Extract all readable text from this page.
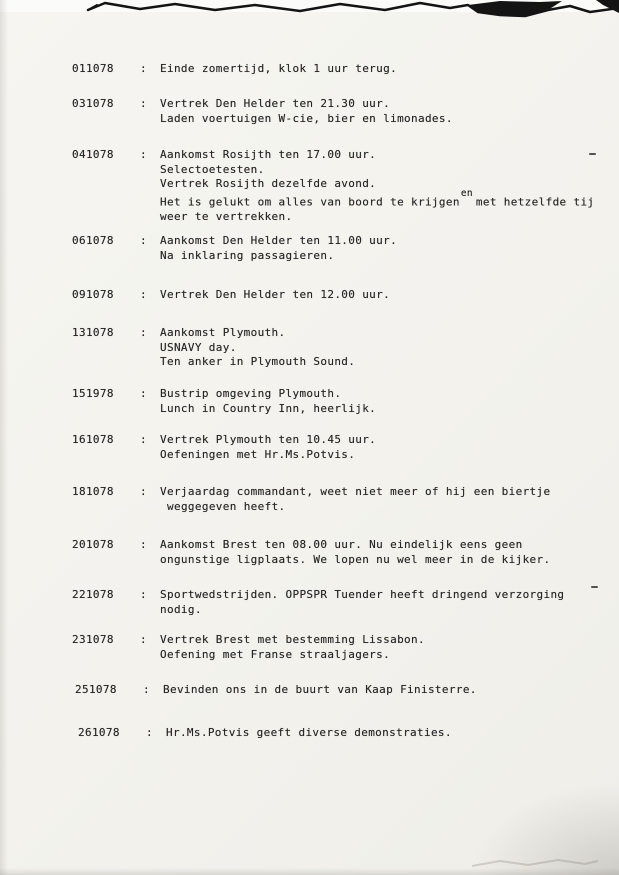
011078	:	Einde zomertijd, klok 1 uur terug.
031078	:	Vertrek Den Helder ten 21.30 uur.
Laden voertuigen W-cie, bier en limonades.
041078	:	Aankomst Rosijth ten 17.00 uur.
Selectoetesten.
Vertrek Rosijth dezelfde avond.
Het is gelukt om alles van boord te krijgen$^{en}$met hetzelfde tij
weer te vertrekken.
061078	:	Aankomst Den Helder ten 11.00 uur.
Na inklaring passagieren.
091078	:	Vertrek Den Helder ten 12.00 uur.
131078	:	Aankomst Plymouth.
USNAVY day.
Ten anker in Plymouth Sound.
151978	:	Bustrip omgeving Plymouth.
Lunch in Country Inn, heerlijk.
161078	:	Vertrek Plymouth ten 10.45 uur.
Oefeningen met Hr.Ms.Potvis.
181078	:	Verjaardag commandant, weet niet meer of hij een biertje
weggegeven heeft.
201078	:	Aankomst Brest ten 08.00 uur. Nu eindelijk eens geen
ongunstige ligplaats. We lopen nu wel meer in de kijker.
221078	:	Sportwedstrijden. OPPSPR Tuender heeft dringend verzorging
nodig.
231078	:	Vertrek Brest met bestemming Lissabon.
Oefening met Franse straaljagers.
251078	:	Bevinden ons in de buurt van Kaap Finisterre.
261078	:	Hr.Ms.Potvis geeft diverse demonstraties.
